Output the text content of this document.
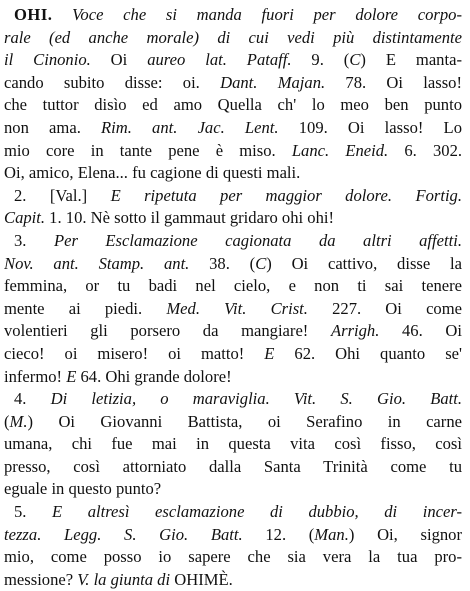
OHI. Voce che si manda fuori per dolore corpo-
rale (ed anche morale) di cui vedi più distintamente
il Cinonio. Oi aureo lat. Pataff. 9. (C) E manta-
cando subito disse: oi. Dant. Majan. 78. Oi lasso!
che tuttor disìo ed amo Quella ch' lo meo ben punto
non ama. Rim. ant. Jac. Lent. 109. Oi lasso! Lo
mio core in tante pene è miso. Lanc. Eneid. 6. 302.
Oi, amico, Elena... fu cagione di questi mali.
2. [Val.] E ripetuta per maggior dolore. Fortig.
Capit. 1. 10. Nè sotto il gammaut gridaro ohi ohi!
3. Per Esclamazione cagionata da altri affetti.
Nov. ant. Stamp. ant. 38. (C) Oi cattivo, disse la
femmina, or tu badi nel cielo, e non ti sai tenere
mente ai piedi. Med. Vit. Crist. 227. Oi come
volentieri gli porsero da mangiare! Arrigh. 46. Oi
cieco! oi misero! oi matto! E 62. Ohi quanto se'
infermo! E 64. Ohi grande dolore!
4. Di letizia, o maraviglia. Vit. S. Gio. Batt.
(M.) Oi Giovanni Battista, oi Serafino in carne
umana, chi fue mai in questa vita così fisso, così
presso, così attorniato dalla Santa Trinità come tu
eguale in questo punto?
5. E altresì esclamazione di dubbio, di incer-
tezza. Legg. S. Gio. Batt. 12. (Man.) Oi, signor
mio, come posso io sapere che sia vera la tua pro-
messione? V. la giunta di OHIMÈ.
